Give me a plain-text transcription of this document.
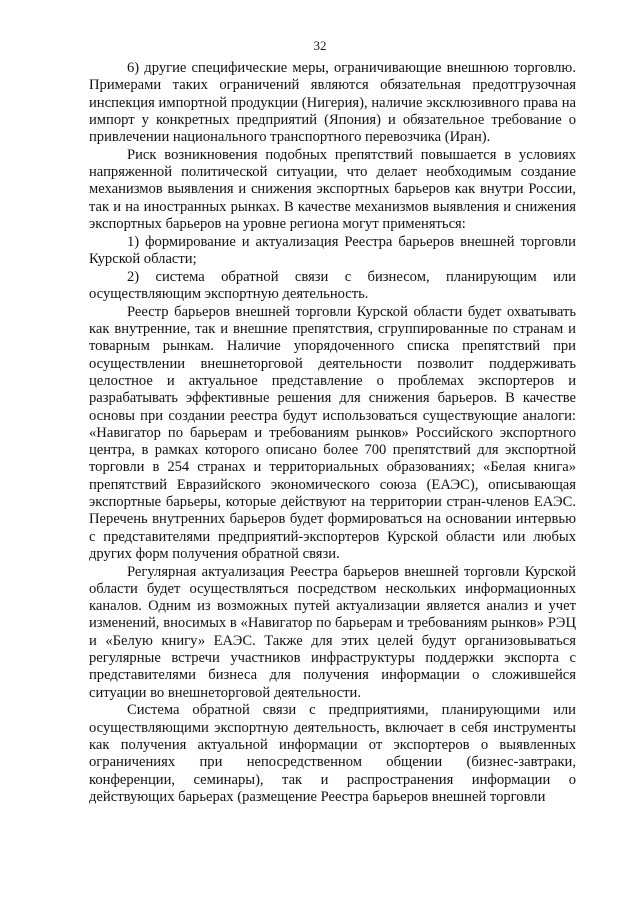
32

6) другие специфические меры, ограничивающие внешнюю торговлю. Примерами таких ограничений являются обязательная предотгрузочная инспекция импортной продукции (Нигерия), наличие эксклюзивного права на импорт у конкретных предприятий (Япония) и обязательное требование о привлечении национального транспортного перевозчика (Иран).

Риск возникновения подобных препятствий повышается в условиях напряженной политической ситуации, что делает необходимым создание механизмов выявления и снижения экспортных барьеров как внутри России, так и на иностранных рынках. В качестве механизмов выявления и снижения экспортных барьеров на уровне региона могут применяться:

1) формирование и актуализация Реестра барьеров внешней торговли Курской области;

2) система обратной связи с бизнесом, планирующим или осуществляющим экспортную деятельность.

Реестр барьеров внешней торговли Курской области будет охватывать как внутренние, так и внешние препятствия, сгруппированные по странам и товарным рынкам. Наличие упорядоченного списка препятствий при осуществлении внешнеторговой деятельности позволит поддерживать целостное и актуальное представление о проблемах экспортеров и разрабатывать эффективные решения для снижения барьеров. В качестве основы при создании реестра будут использоваться существующие аналоги: «Навигатор по барьерам и требованиям рынков» Российского экспортного центра, в рамках которого описано более 700 препятствий для экспортной торговли в 254 странах и территориальных образованиях; «Белая книга» препятствий Евразийского экономического союза (ЕАЭС), описывающая экспортные барьеры, которые действуют на территории стран-членов ЕАЭС. Перечень внутренних барьеров будет формироваться на основании интервью с представителями предприятий-экспортеров Курской области или любых других форм получения обратной связи.

Регулярная актуализация Реестра барьеров внешней торговли Курской области будет осуществляться посредством нескольких информационных каналов. Одним из возможных путей актуализации является анализ и учет изменений, вносимых в «Навигатор по барьерам и требованиям рынков» РЭЦ и «Белую книгу» ЕАЭС. Также для этих целей будут организовываться регулярные встречи участников инфраструктуры поддержки экспорта с представителями бизнеса для получения информации о сложившейся ситуации во внешнеторговой деятельности.

Система обратной связи с предприятиями, планирующими или осуществляющими экспортную деятельность, включает в себя инструменты как получения актуальной информации от экспортеров о выявленных ограничениях при непосредственном общении (бизнес-завтраки, конференции, семинары), так и распространения информации о действующих барьерах (размещение Реестра барьеров внешней торговли
